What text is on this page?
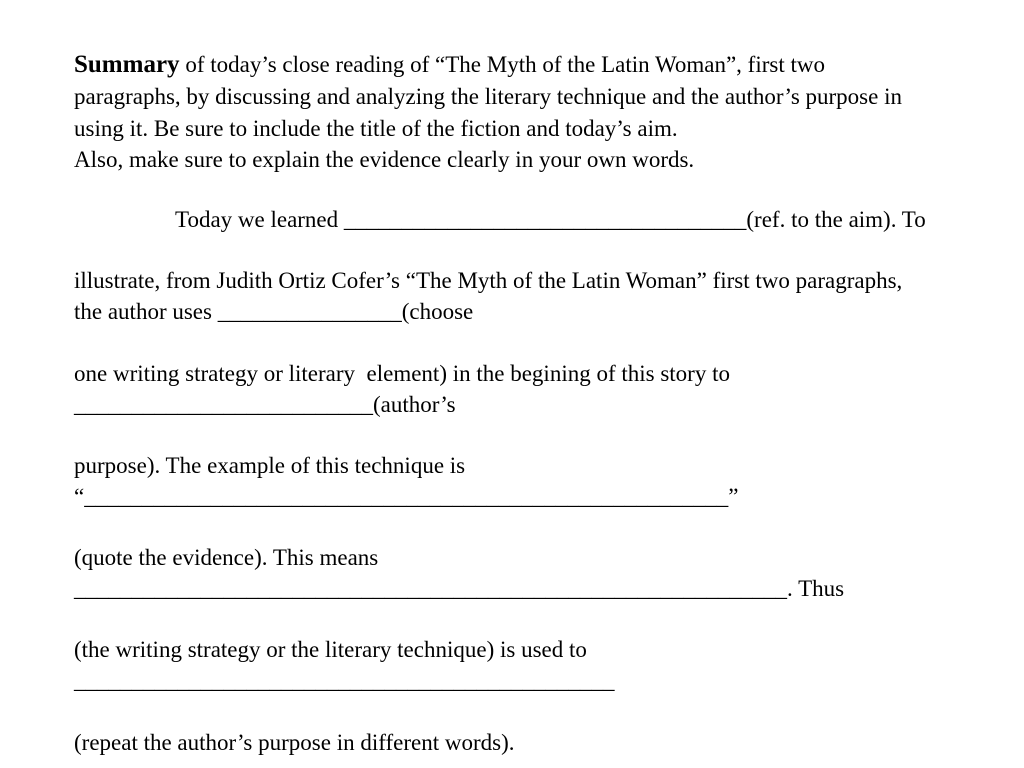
Summary of today’s close reading of “The Myth of the Latin Woman”, first two
paragraphs, by discussing and analyzing the literary technique and the author’s purpose in
using it. Be sure to include the title of the fiction and today’s aim.
Also, make sure to explain the evidence clearly in your own words.
Today we learned ___________________________________(ref. to the aim). To
illustrate, from Judith Ortiz Cofer’s “The Myth of the Latin Woman” first two paragraphs,
the author uses ________________(choose
one writing strategy or literary  element) in the begining of this story to
__________________________(author’s
purpose). The example of this technique is
“________________________________________________________”
(quote the evidence). This means
______________________________________________________________. Thus
(the writing strategy or the literary technique) is used to
_______________________________________________
(repeat the author’s purpose in different words).
